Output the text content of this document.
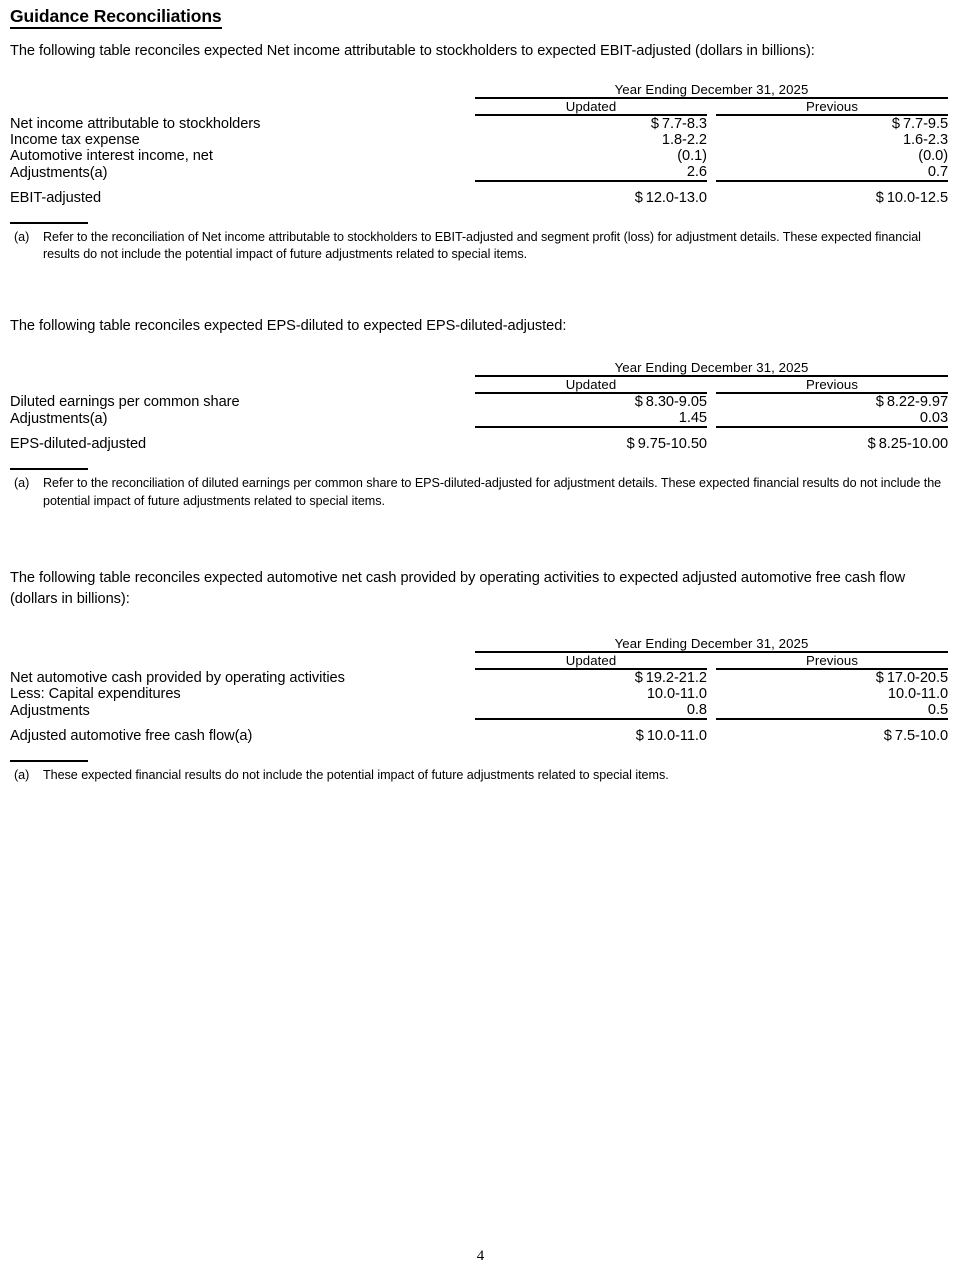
Guidance Reconciliations

The following table reconciles expected Net income attributable to stockholders to expected EBIT-adjusted (dollars in billions):

		Year Ending December 31, 2025		

		Updated		Previous

Net income attributable to stockholders		$ 7.7-8.3		$ 7.7-9.5
Income tax expense		1.8-2.2		1.6-2.3
Automotive interest income, net		(0.1)		(0.0)
Adjustments(a)		2.6		0.7
EBIT-adjusted		$ 12.0-13.0		$ 10.0-12.5
(a)	Refer to the reconciliation of Net income attributable to stockholders to EBIT-adjusted and segment profit (loss) for adjustment details. These expected financial results do not include the potential impact of future adjustments related to special items.

The following table reconciles expected EPS-diluted to expected EPS-diluted-adjusted:

		Year Ending December 31, 2025		

		Updated		Previous

Diluted earnings per common share		$ 8.30-9.05		$ 8.22-9.97
Adjustments(a)		1.45		0.03
EPS-diluted-adjusted		$ 9.75-10.50		$ 8.25-10.00
(a)	Refer to the reconciliation of diluted earnings per common share to EPS-diluted-adjusted for adjustment details. These expected financial results do not include the potential impact of future adjustments related to special items.

The following table reconciles expected automotive net cash provided by operating activities to expected adjusted automotive free cash flow (dollars in billions):

		Year Ending December 31, 2025		

		Updated		Previous

Net automotive cash provided by operating activities		$ 19.2-21.2		$ 17.0-20.5
Less: Capital expenditures		10.0-11.0		10.0-11.0
Adjustments		0.8		0.5
Adjusted automotive free cash flow(a)		$ 10.0-11.0		$ 7.5-10.0
(a)	These expected financial results do not include the potential impact of future adjustments related to special items.
4
